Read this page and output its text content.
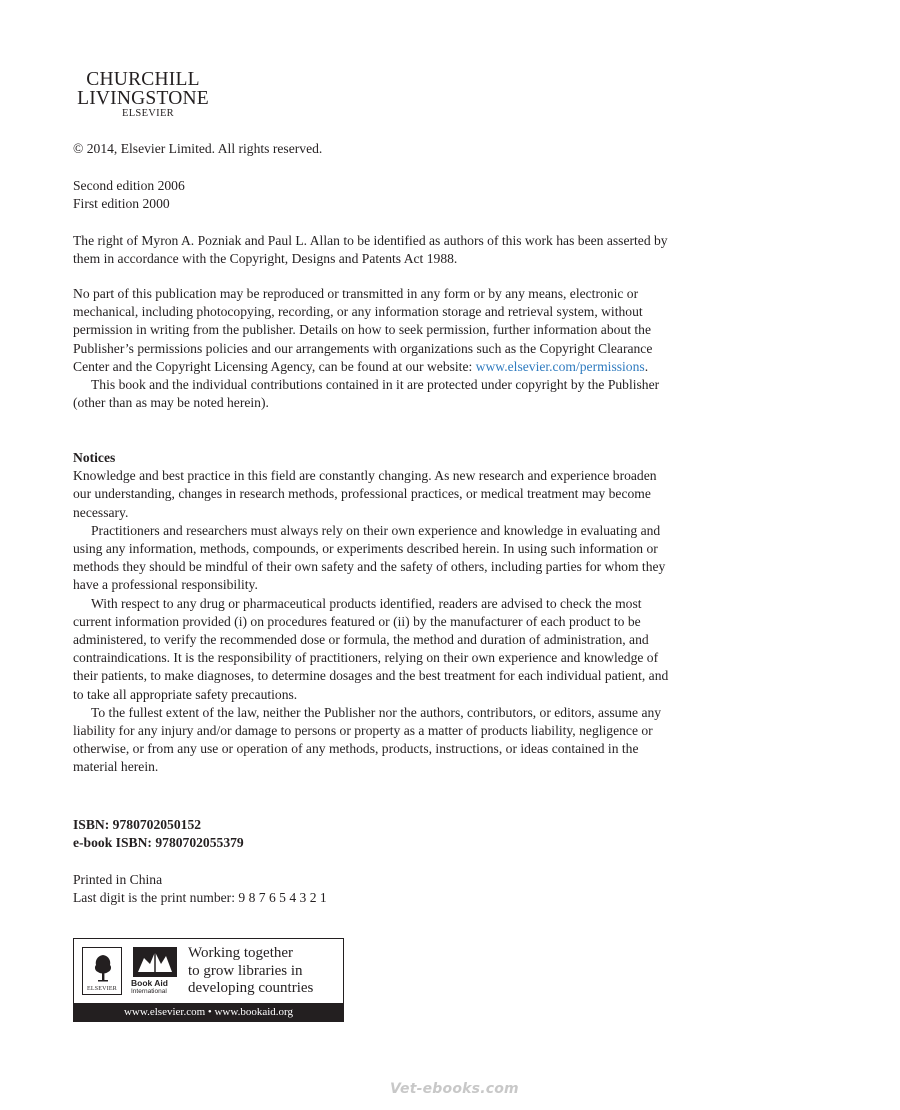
CHURCHILL
LIVINGSTONE
ELSEVIER
© 2014, Elsevier Limited. All rights reserved.
Second edition 2006
First edition 2000
The right of Myron A. Pozniak and Paul L. Allan to be identified as authors of this work has been asserted by them in accordance with the Copyright, Designs and Patents Act 1988.
No part of this publication may be reproduced or transmitted in any form or by any means, electronic or mechanical, including photocopying, recording, or any information storage and retrieval system, without permission in writing from the publisher. Details on how to seek permission, further information about the Publisher’s permissions policies and our arrangements with organizations such as the Copyright Clearance Center and the Copyright Licensing Agency, can be found at our website: www.elsevier.com/permissions.
This book and the individual contributions contained in it are protected under copyright by the Publisher (other than as may be noted herein).
Notices
Knowledge and best practice in this field are constantly changing. As new research and experience broaden our understanding, changes in research methods, professional practices, or medical treatment may become necessary.
Practitioners and researchers must always rely on their own experience and knowledge in evaluating and using any information, methods, compounds, or experiments described herein. In using such information or methods they should be mindful of their own safety and the safety of others, including parties for whom they have a professional responsibility.
With respect to any drug or pharmaceutical products identified, readers are advised to check the most current information provided (i) on procedures featured or (ii) by the manufacturer of each product to be administered, to verify the recommended dose or formula, the method and duration of administration, and contraindications. It is the responsibility of practitioners, relying on their own experience and knowledge of their patients, to make diagnoses, to determine dosages and the best treatment for each individual patient, and to take all appropriate safety precautions.
To the fullest extent of the law, neither the Publisher nor the authors, contributors, or editors, assume any liability for any injury and/or damage to persons or property as a matter of products liability, negligence or otherwise, or from any use or operation of any methods, products, instructions, or ideas contained in the material herein.
ISBN: 9780702050152
e-book ISBN: 9780702055379
Printed in China
Last digit is the print number: 9 8 7 6 5 4 3 2 1
ELSEVIER
Book Aid
International
Working together
to grow libraries in
developing countries
www.elsevier.com • www.bookaid.org
Vet-ebooks.com
